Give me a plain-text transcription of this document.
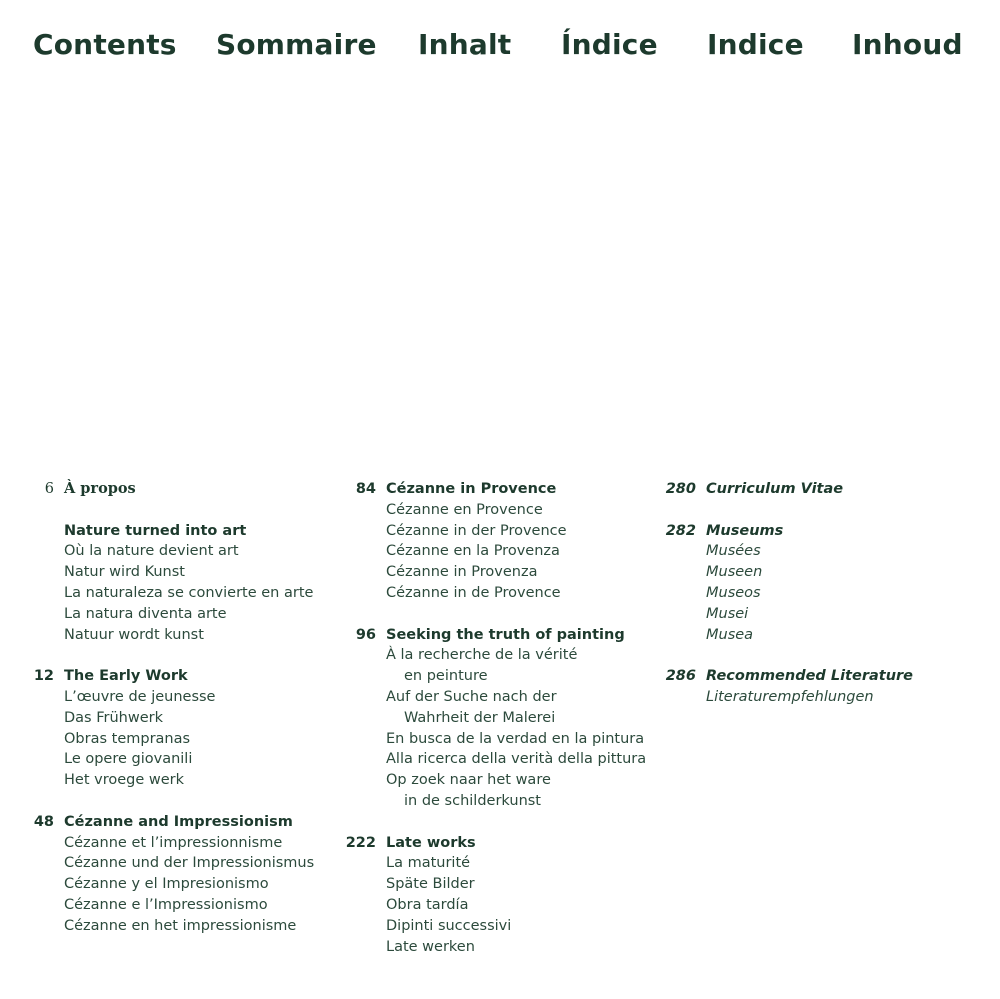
Contents Sommaire Inhalt Índice Indice Inhoud
6 À propos
Nature turned into art
Où la nature devient art
Natur wird Kunst
La naturaleza se convierte en arte
La natura diventa arte
Natuur wordt kunst
12 The Early Work
L’œuvre de jeunesse
Das Frühwerk
Obras tempranas
Le opere giovanili
Het vroege werk
48 Cézanne and Impressionism
Cézanne et l’impressionnisme
Cézanne und der Impressionismus
Cézanne y el Impresionismo
Cézanne e l’Impressionismo
Cézanne en het impressionisme
84 Cézanne in Provence
Cézanne en Provence
Cézanne in der Provence
Cézanne en la Provenza
Cézanne in Provenza
Cézanne in de Provence
96 Seeking the truth of painting
À la recherche de la vérité
en peinture
Auf der Suche nach der
Wahrheit der Malerei
En busca de la verdad en la pintura
Alla ricerca della verità della pittura
Op zoek naar het ware
in de schilderkunst
222 Late works
La maturité
Späte Bilder
Obra tardía
Dipinti successivi
Late werken
280 Curriculum Vitae
282 Museums
Musées
Museen
Museos
Musei
Musea
286 Recommended Literature
Literaturempfehlungen
